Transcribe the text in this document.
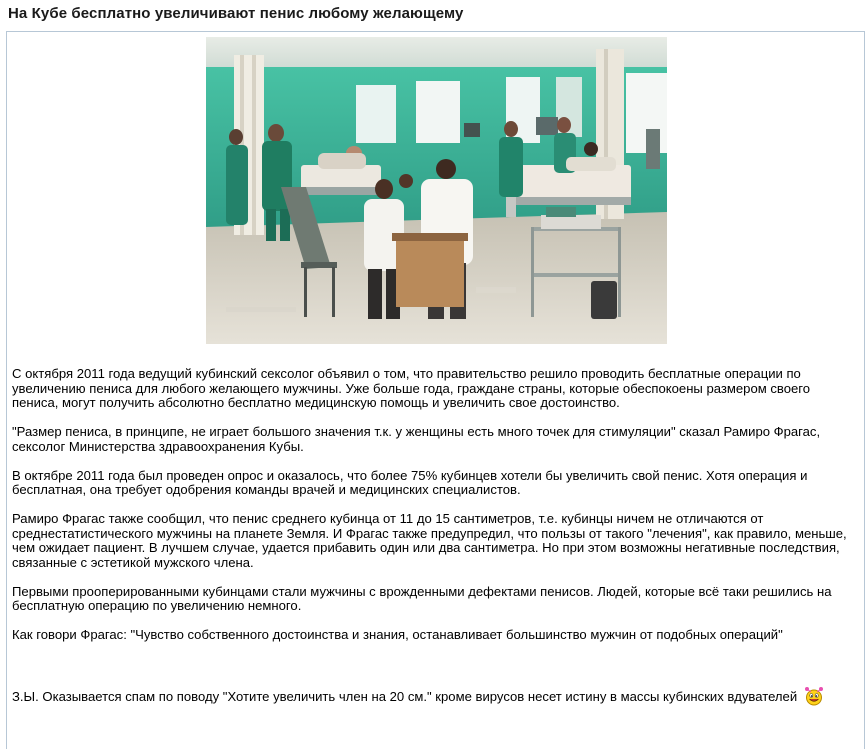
На Кубе бесплатно увеличивают пенис любому желающему

С октября 2011 года ведущий кубинский сексолог объявил о том, что правительство решило проводить бесплатные операции по увеличению пениса для любого желающего мужчины. Уже больше года, граждане страны, которые обеспокоены размером своего пениса, могут получить абсолютно бесплатно медицинскую помощь и увеличить свое достоинство.

"Размер пениса, в принципе, не играет большого значения т.к. у женщины есть много точек для стимуляции" сказал Рамиро Фрагас, сексолог Министерства здравоохранения Кубы.

В октябре 2011 года был проведен опрос и оказалось, что более 75% кубинцев хотели бы увеличить свой пенис. Хотя операция и бесплатная, она требует одобрения команды врачей и медицинских специалистов.

Рамиро Фрагас также сообщил, что пенис среднего кубинца от 11 до 15 сантиметров, т.е. кубинцы ничем не отличаются от среднестатистического мужчины на планете Земля. И Фрагас также предупредил, что пользы от такого "лечения", как правило, меньше, чем ожидает пациент. В лучшем случае, удается прибавить один или два сантиметра. Но при этом возможны негативные последствия, связанные с эстетикой мужского члена.

Первыми прооперированными кубинцами стали мужчины с врожденными дефектами пенисов. Людей, которые всё таки решились на бесплатную операцию по увеличению немного.

Как говори Фрагас: "Чувство собственного достоинства и знания, останавливает большинство мужчин от подобных операций"

З.Ы. Оказывается спам по поводу "Хотите увеличить член на 20 см." кроме вирусов несет истину в массы кубинских вдувателей
